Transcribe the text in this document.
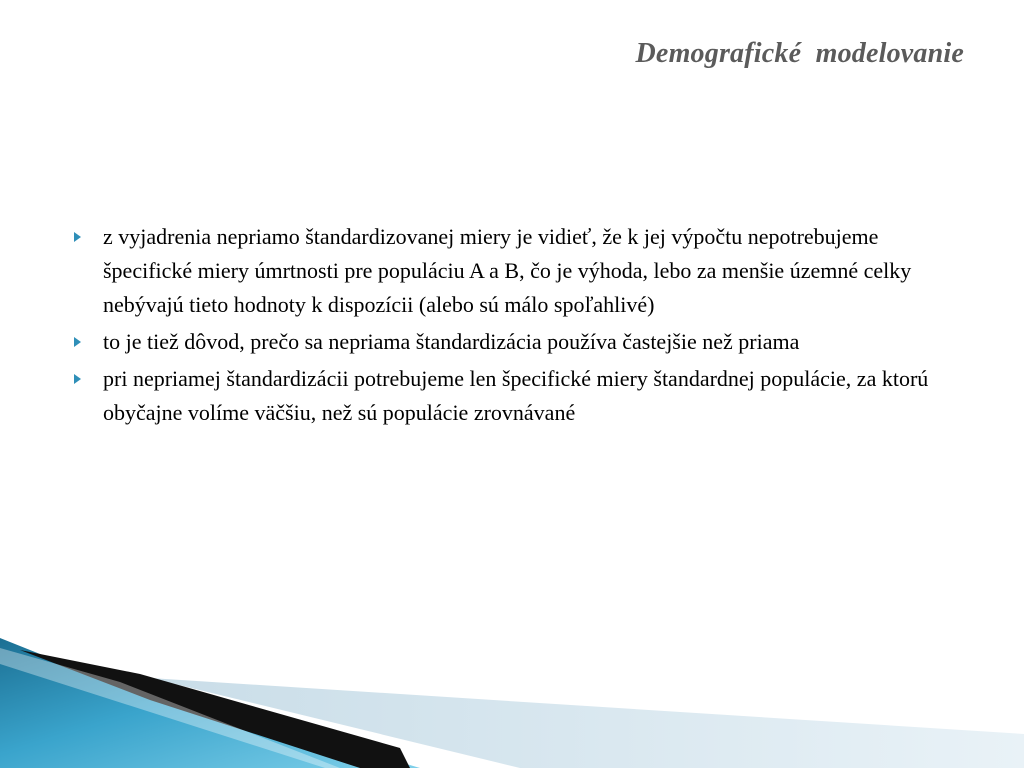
Demografické  modelovanie
z vyjadrenia nepriamo štandardizovanej miery je vidieť, že k jej výpočtu nepotrebujeme špecifické miery úmrtnosti pre populáciu A a B, čo je výhoda, lebo za menšie územné celky nebývajú tieto hodnoty k dispozícii (alebo sú málo spoľahlivé)
to je tiež dôvod, prečo sa nepriama štandardizácia používa častejšie než priama
pri nepriamej štandardizácii potrebujeme len špecifické miery štandardnej populácie, za ktorú obyčajne volíme väčšiu, než sú populácie zrovnávané
